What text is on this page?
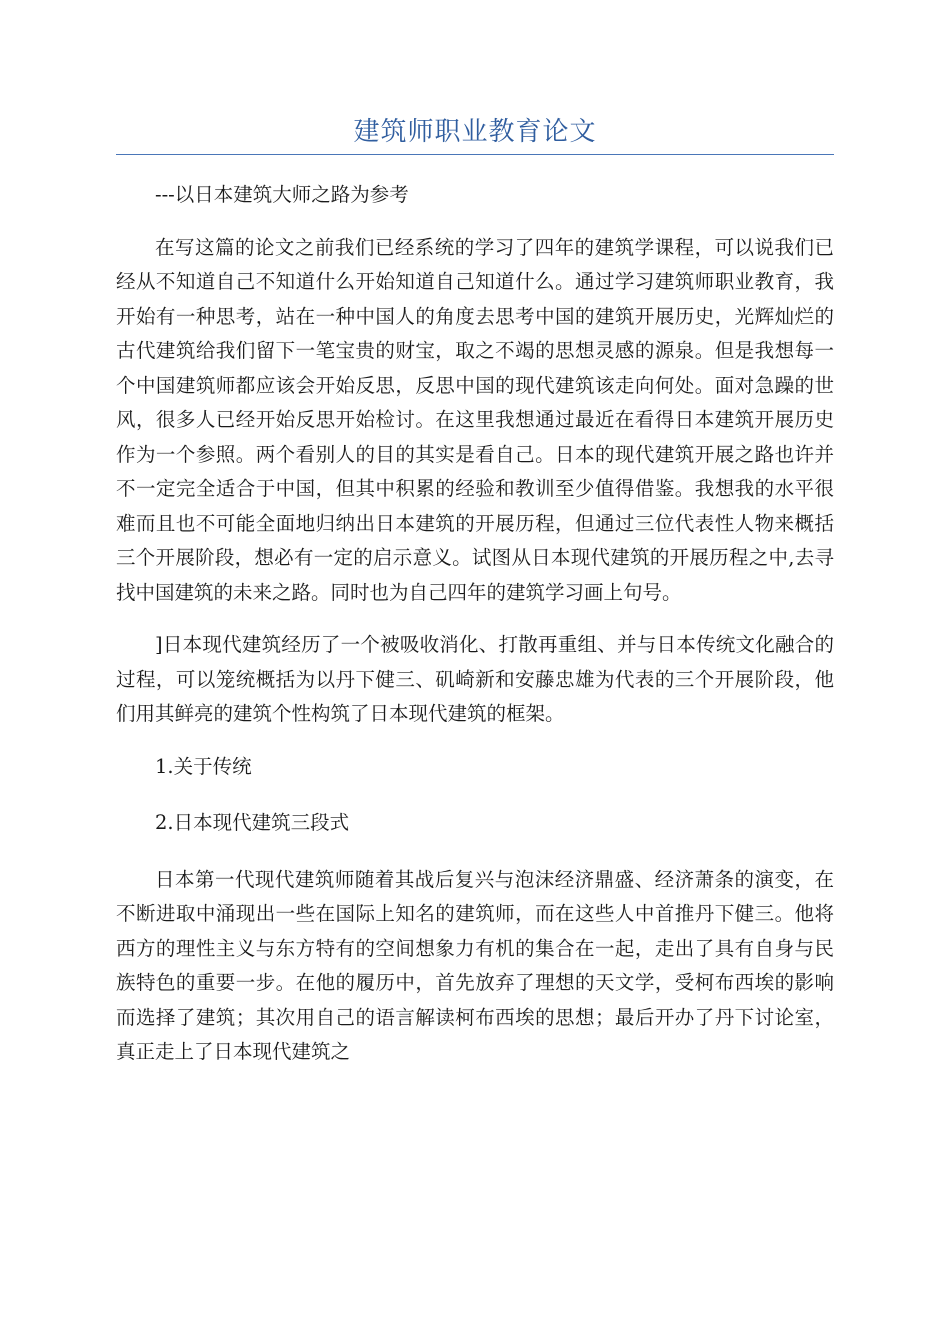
建筑师职业教育论文

---以日本建筑大师之路为参考

在写这篇的论文之前我们已经系统的学习了四年的建筑学课程，可以说我们已经从不知道自己不知道什么开始知道自己知道什么。通过学习建筑师职业教育，我开始有一种思考，站在一种中国人的角度去思考中国的建筑开展历史，光辉灿烂的古代建筑给我们留下一笔宝贵的财宝，取之不竭的思想灵感的源泉。但是我想每一个中国建筑师都应该会开始反思，反思中国的现代建筑该走向何处。面对急躁的世风，很多人已经开始反思开始检讨。在这里我想通过最近在看得日本建筑开展历史作为一个参照。两个看别人的目的其实是看自己。日本的现代建筑开展之路也许并不一定完全适合于中国，但其中积累的经验和教训至少值得借鉴。我想我的水平很难而且也不可能全面地归纳出日本建筑的开展历程，但通过三位代表性人物来概括三个开展阶段，想必有一定的启示意义。试图从日本现代建筑的开展历程之中,去寻找中国建筑的未来之路。同时也为自己四年的建筑学习画上句号。

]日本现代建筑经历了一个被吸收消化、打散再重组、并与日本传统文化融合的过程，可以笼统概括为以丹下健三、矶崎新和安藤忠雄为代表的三个开展阶段，他们用其鲜亮的建筑个性构筑了日本现代建筑的框架。

1.关于传统

2.日本现代建筑三段式

日本第一代现代建筑师随着其战后复兴与泡沫经济鼎盛、经济萧条的演变，在不断进取中涌现出一些在国际上知名的建筑师，而在这些人中首推丹下健三。他将西方的理性主义与东方特有的空间想象力有机的集合在一起，走出了具有自身与民族特色的重要一步。在他的履历中，首先放弃了理想的天文学，受柯布西埃的影响而选择了建筑；其次用自己的语言解读柯布西埃的思想；最后开办了丹下讨论室，真正走上了日本现代建筑之
